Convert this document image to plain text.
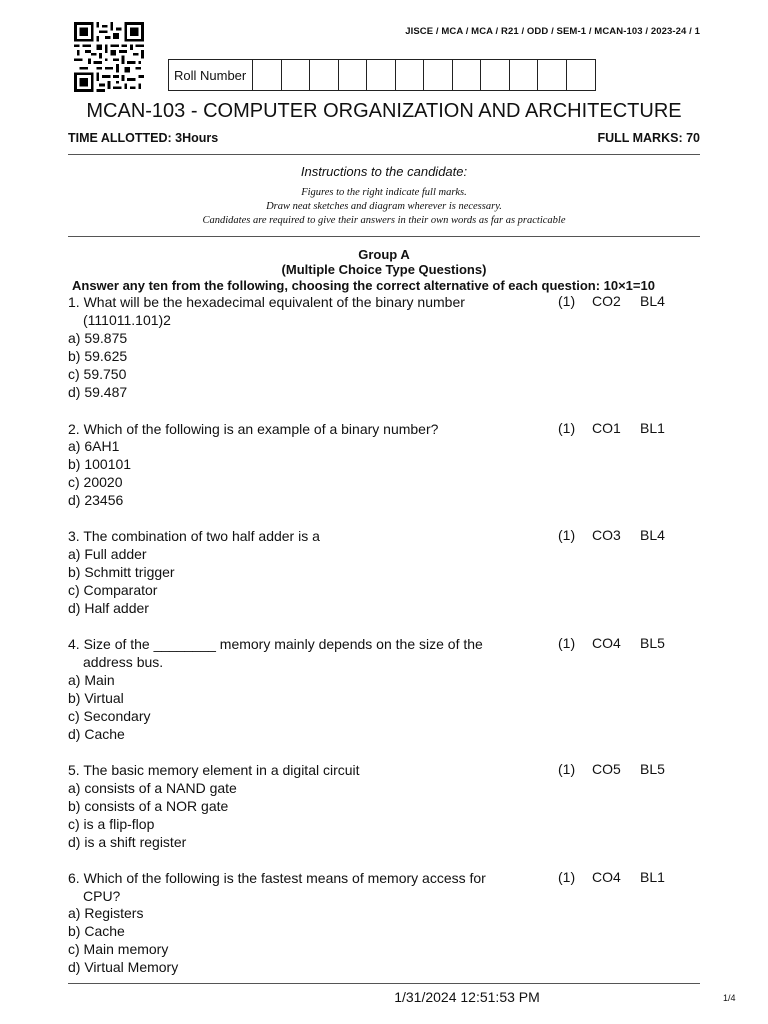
JISCE / MCA / MCA / R21 / ODD / SEM-1 / MCAN-103 / 2023-24 / 1
Roll Number
MCAN-103 - COMPUTER ORGANIZATION AND ARCHITECTURE
TIME ALLOTTED: 3Hours	FULL MARKS: 70
Instructions to the candidate:
Figures to the right indicate full marks.
Draw neat sketches and diagram wherever is necessary.
Candidates are required to give their answers in their own words as far as practicable
Group A
(Multiple Choice Type Questions)
Answer any ten from the following, choosing the correct alternative of each question: 10×1=10
1. What will be the hexadecimal equivalent of the binary number
(111011.101)2
(1) CO2 BL4
a) 59.875
b) 59.625
c) 59.750
d) 59.487
2. Which of the following is an example of a binary number?	(1) CO1 BL1
a) 6AH1
b) 100101
c) 20020
d) 23456
3. The combination of two half adder is a	(1) CO3 BL4
a) Full adder
b) Schmitt trigger
c) Comparator
d) Half adder
4. Size of the ________ memory mainly depends on the size of the
address bus.
(1) CO4 BL5
a) Main
b) Virtual
c) Secondary
d) Cache
5. The basic memory element in a digital circuit	(1) CO5 BL5
a) consists of a NAND gate
b) consists of a NOR gate
c) is a flip-flop
d) is a shift register
6. Which of the following is the fastest means of memory access for
CPU?
(1) CO4 BL1
a) Registers
b) Cache
c) Main memory
d) Virtual Memory
1/31/2024 12:51:53 PM	1/4
